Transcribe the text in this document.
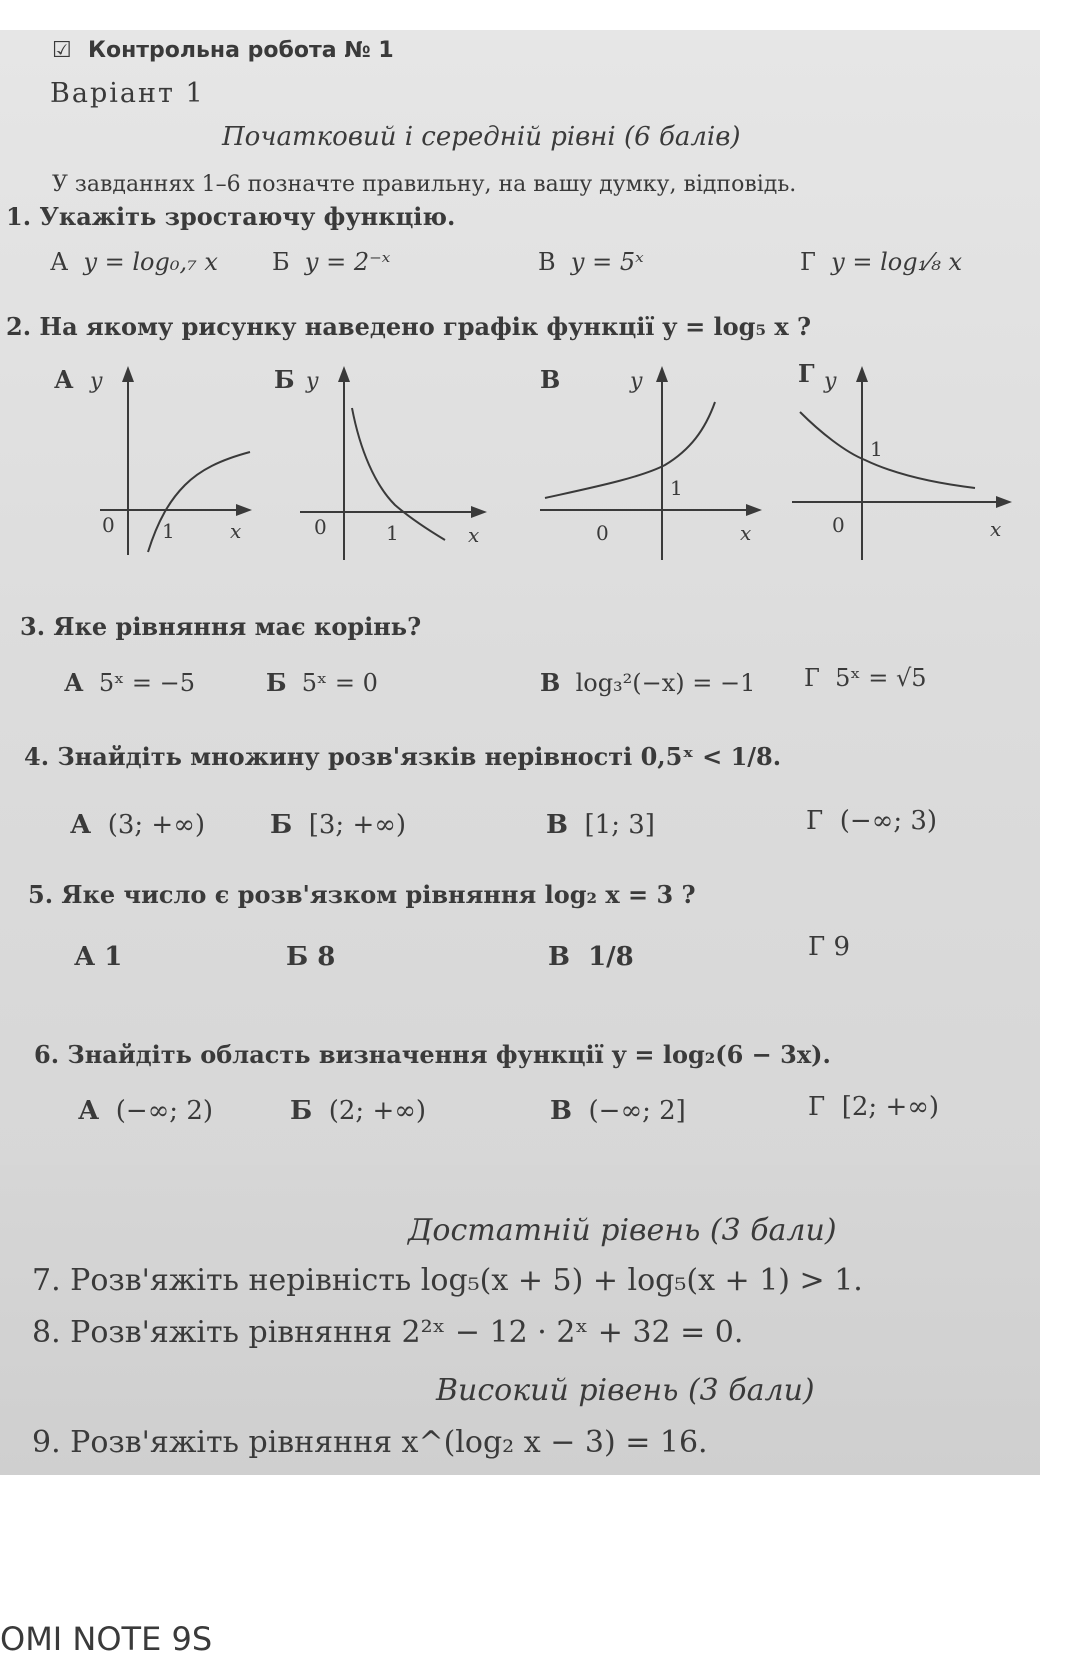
☑ Контрольна робота № 1
Варіант 1
Початковий і середній рівні (6 балів)
У завданнях 1–6 позначте правильну, на вашу думку, відповідь.
1. Укажіть зростаючу функцію.
А y = log₀,₇ x Б y = 2⁻ˣ	В y = 5ˣ	Г y = log₁⁄₈ x
2. На якому рисунку наведено графік функції y = log₅ x ?
А y
0 1	x
Б y
0	1	x
В	y
1
0	x
Г y
1
0	x
3. Яке рівняння має корінь?
А 5ˣ = −5	Б 5ˣ = 0	В log₃²(−x) = −1 Г 5ˣ = √5
4. Знайдіть множину розв'язків нерівності 0,5ˣ < 1/8.
А (3; +∞) Б [3; +∞)	В [1; 3]	Г (−∞; 3)
5. Яке число є розв'язком рівняння log₂ x = 3 ?
А 1	Б 8	В 1/8	Г 9
6. Знайдіть область визначення функції y = log₂(6 − 3x).
А (−∞; 2)	Б (2; +∞)	В (−∞; 2]	Г [2; +∞)
Достатній рівень (3 бали)
7. Розв'яжіть нерівність log₅(x + 5) + log₅(x + 1) > 1.
8. Розв'яжіть рівняння 2²ˣ − 12 · 2ˣ + 32 = 0.
Високий рівень (3 бали)
9. Розв'яжіть рівняння x^(log₂ x − 3) = 16.
OMI NOTE 9S
